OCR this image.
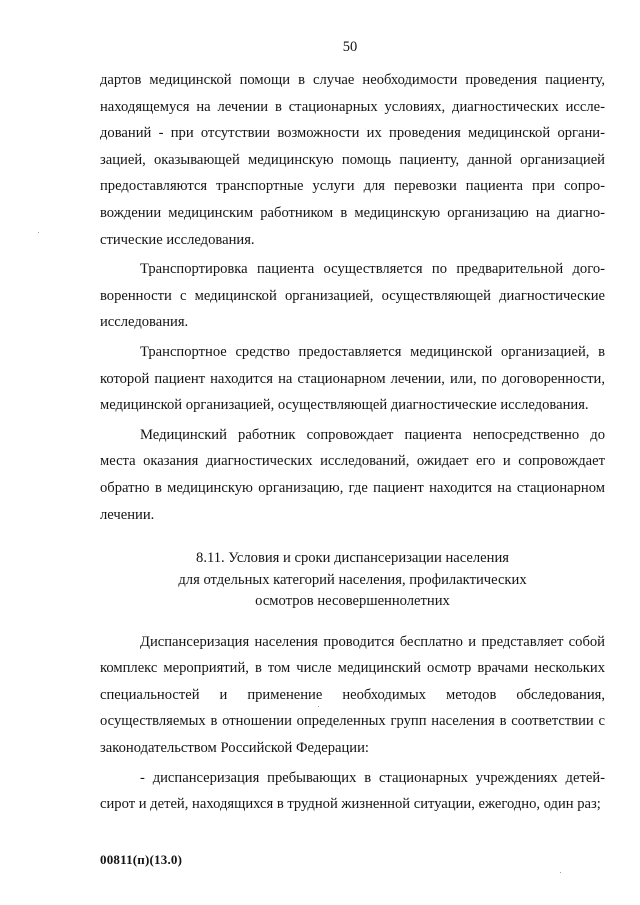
50

дартов медицинской помощи в случае необходимости проведения пациенту, находящемуся на лечении в стационарных условиях, диагностических исследований - при отсутствии возможности их проведения медицинской организацией, оказывающей медицинскую помощь пациенту, данной организацией предоставляются транспортные услуги для перевозки пациента при сопровождении медицинским работником в медицинскую организацию на диагностические исследования.

Транспортировка пациента осуществляется по предварительной договоренности с медицинской организацией, осуществляющей диагностические исследования.

Транспортное средство предоставляется медицинской организацией, в которой пациент находится на стационарном лечении, или, по договоренности, медицинской организацией, осуществляющей диагностические исследования.

Медицинский работник сопровождает пациента непосредственно до места оказания диагностических исследований, ожидает его и сопровождает обратно в медицинскую организацию, где пациент находится на стационарном лечении.

8.11. Условия и сроки диспансеризации населения
для отдельных категорий населения, профилактических
осмотров несовершеннолетних

Диспансеризация населения проводится бесплатно и представляет собой комплекс мероприятий, в том числе медицинский осмотр врачами нескольких специальностей и применение необходимых методов обследования, осуществляемых в отношении определенных групп населения в соответствии с законодательством Российской Федерации:

- диспансеризация пребывающих в стационарных учреждениях детей-сирот и детей, находящихся в трудной жизненной ситуации, ежегодно, один раз;

00811(п)(13.0)
